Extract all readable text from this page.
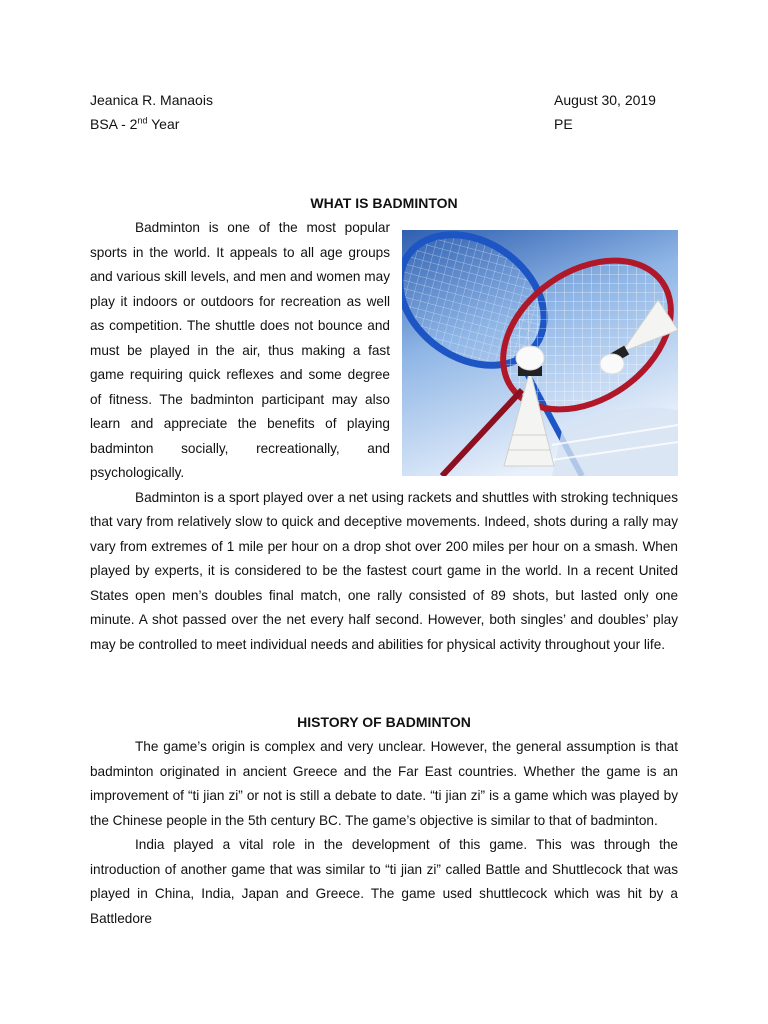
Jeanica R. Manaois
BSA - 2nd Year
August 30, 2019
PE
WHAT IS BADMINTON

Badminton is one of the most popular sports in the world. It appeals to all age groups and various skill levels, and men and women may play it indoors or outdoors for recreation as well as competition. The shuttle does not bounce and must be played in the air, thus making a fast game requiring quick reflexes and some degree of fitness. The badminton participant may also learn and appreciate the benefits of playing badminton socially, recreationally, and psychologically.

Badminton is a sport played over a net using rackets and shuttles with stroking techniques that vary from relatively slow to quick and deceptive movements. Indeed, shots during a rally may vary from extremes of 1 mile per hour on a drop shot over 200 miles per hour on a smash. When played by experts, it is considered to be the fastest court game in the world. In a recent United States open men’s doubles final match, one rally consisted of 89 shots, but lasted only one minute. A shot passed over the net every half second. However, both singles’ and doubles’ play may be controlled to meet individual needs and abilities for physical activity throughout your life.

HISTORY OF BADMINTON

The game’s origin is complex and very unclear. However, the general assumption is that badminton originated in ancient Greece and the Far East countries. Whether the game is an improvement of “ti jian zi” or not is still a debate to date. “ti jian zi” is a game which was played by the Chinese people in the 5th century BC. The game’s objective is similar to that of badminton.

India played a vital role in the development of this game. This was through the introduction of another game that was similar to “ti jian zi” called Battle and Shuttlecock that was played in China, India, Japan and Greece. The game used shuttlecock which was hit by a Battledore
